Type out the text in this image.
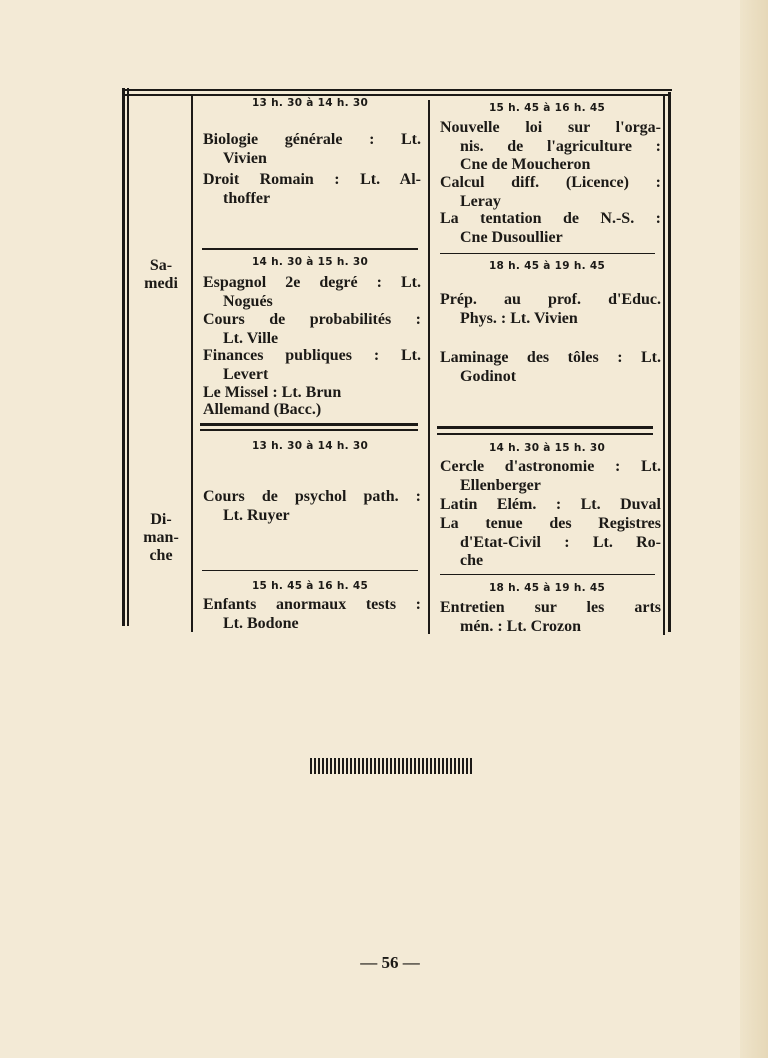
Sa-
medi
13 h. 30 à 14 h. 30
Biologie générale : Lt.
Vivien
Droit Romain : Lt. Al-
thoffer
15 h. 45 à 16 h. 45
Nouvelle loi sur l'orga-
nis. de l'agriculture :
Cne de Moucheron
Calcul diff. (Licence) :
Leray
La tentation de N.-S. :
Cne Dusoullier
14 h. 30 à 15 h. 30
Espagnol 2e degré : Lt.
Nogués
Cours de probabilités :
Lt. Ville
Finances publiques : Lt.
Levert
Le Missel : Lt. Brun
Allemand (Bacc.)
18 h. 45 à 19 h. 45
Prép. au prof. d'Educ.
Phys. : Lt. Vivien
Laminage des tôles : Lt.
Godinot
Di-
man-
che
13 h. 30 à 14 h. 30
Cours de psychol path. :
Lt. Ruyer
14 h. 30 à 15 h. 30
Cercle d'astronomie : Lt.
Ellenberger
Latin Elém. : Lt. Duval
La tenue des Registres
d'Etat-Civil : Lt. Ro-
che
15 h. 45 à 16 h. 45
Enfants anormaux tests :
Lt. Bodone
18 h. 45 à 19 h. 45
Entretien sur les arts
mén. : Lt. Crozon
— 56 —
